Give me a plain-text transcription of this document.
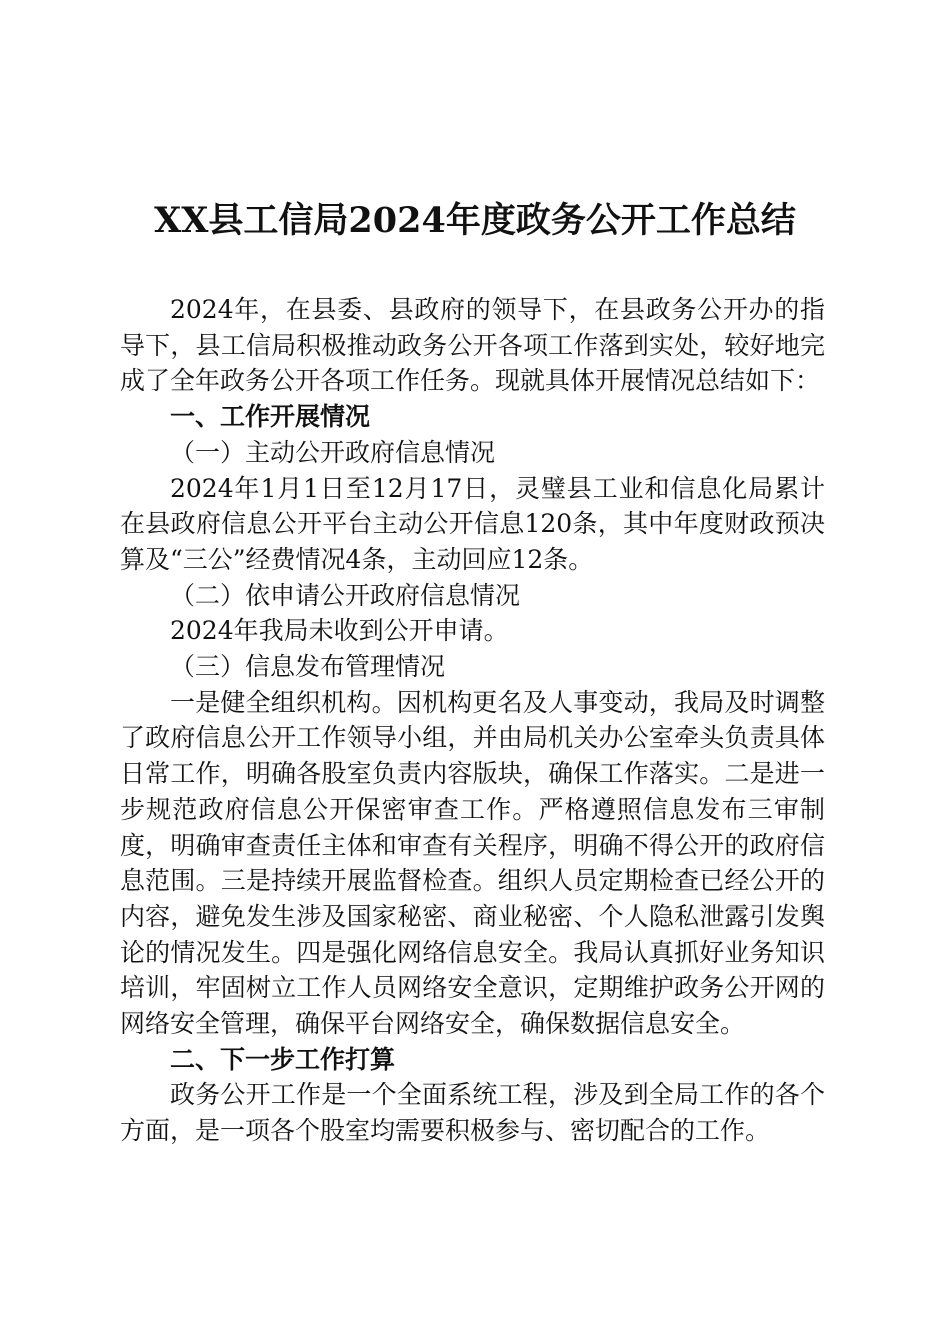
XX县工信局2024年度政务公开工作总结

2024年，在县委、县政府的领导下，在县政务公开办的指导下，县工信局积极推动政务公开各项工作落到实处，较好地完成了全年政务公开各项工作任务。现就具体开展情况总结如下：

一、工作开展情况

（一）主动公开政府信息情况

2024年1月1日至12月17日，灵璧县工业和信息化局累计在县政府信息公开平台主动公开信息120条，其中年度财政预决算及“三公”经费情况4条，主动回应12条。

（二）依申请公开政府信息情况

2024年我局未收到公开申请。

（三）信息发布管理情况

一是健全组织机构。因机构更名及人事变动，我局及时调整了政府信息公开工作领导小组，并由局机关办公室牵头负责具体日常工作，明确各股室负责内容版块，确保工作落实。二是进一步规范政府信息公开保密审查工作。严格遵照信息发布三审制度，明确审查责任主体和审查有关程序，明确不得公开的政府信息范围。三是持续开展监督检查。组织人员定期检查已经公开的内容，避免发生涉及国家秘密、商业秘密、个人隐私泄露引发舆论的情况发生。四是强化网络信息安全。我局认真抓好业务知识培训，牢固树立工作人员网络安全意识，定期维护政务公开网的网络安全管理，确保平台网络安全，确保数据信息安全。

二、下一步工作打算

政务公开工作是一个全面系统工程，涉及到全局工作的各个方面，是一项各个股室均需要积极参与、密切配合的工作。
